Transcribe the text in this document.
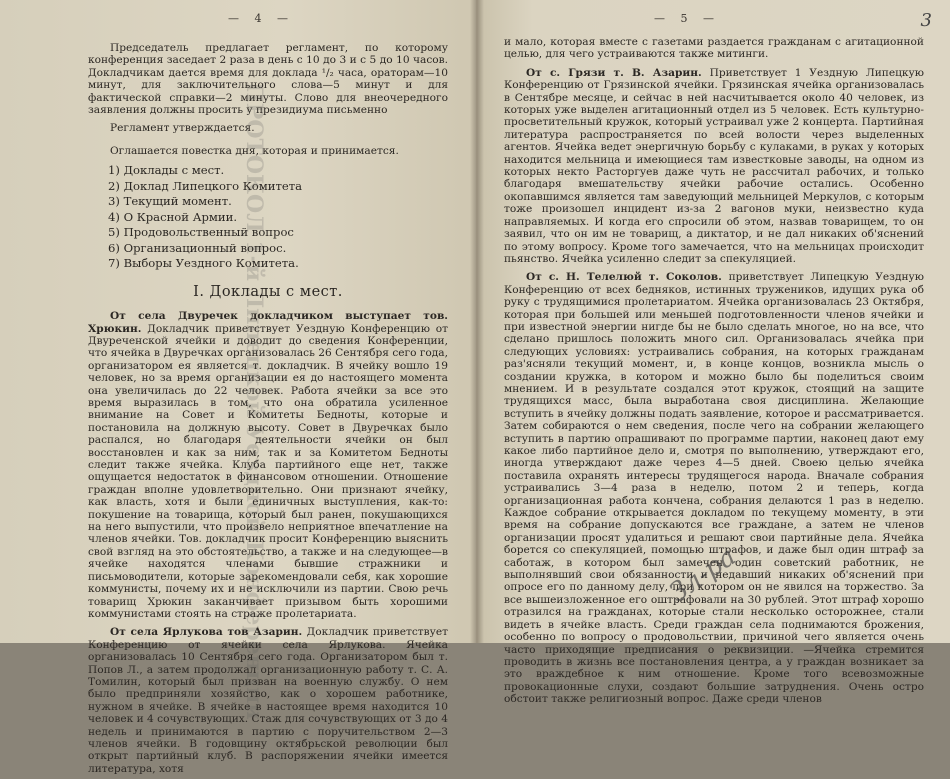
— 4 —
ПРОТОКОЛ 1-й Липецкой Уездной Конференции

Председатель предлагает регламент, по которому конференция заседает 2 раза в день с 10 до 3 и с 5 до 10 часов. Докладчикам дается время для доклада ¹/₂ часа, ораторам—10 минут, для заключительного слова—5 минут и для фактической справки—2 минуты. Слово для внеочередного заявления должны просить у президиума письменно

Регламент утверждается.

Оглашается повестка дня, которая и принимается.

1) Доклады с мест.
2) Доклад Липецкого Комитета
3) Текущий момент.
4) О Красной Армии.
5) Продовольственный вопрос
6) Организационный вопрос.
7) Выборы Уездного Комитета.
I. Доклады с мест.

От села Двуречек докладчиком выступает тов. Хрюкин. Докладчик приветствует Уездную Конференцию от Двуреченской ячейки и доводит до сведения Конференции, что ячейка в Двуречках организовалась 26 Сентября сего года, организатором ея является т. докладчик. В ячейку вошло 19 человек, но за время организации ея до настоящего момента она увеличилась до 22 человек. Работа ячейки за все это время выразилась в том, что она обратила усиленное внимание на Совет и Комитеты Бедноты, которые и постановила на должную высоту. Совет в Двуречках было распался, но благодаря деятельности ячейки он был восстановлен и как за ним, так и за Комитетом Бедноты следит также ячейка. Клуба партийного еще нет, также ощущается недостаток в финансовом отношении. Отношение граждан вполне удовлетворительно. Они признают ячейку, как власть, хотя и были единичных выступления, как-то: покушение на товарища, который был ранен, покушающихся на него выпустили, что произвело неприятное впечатление на членов ячейки. Тов. докладчик просит Конференцию выяснить свой взгляд на это обстоятельство, а также и на следующее—в ячейке находятся членами бывшие стражники и письмоводители, которые зарекомендовали себя, как хорошие коммунисты, почему их и не исключили из партии. Свою речь товарищ Хрюкин заканчивает призывом быть хорошими коммунистами стоять на страже пролетариата.

От села Ярлукова тов Азарин. Докладчик приветствует Конференцию от ячейки села Ярлукова. Ячейка организовалась 10 Сентября сего года. Организатором был т. Попов Л., а затем продолжал организационную работу т. С. А. Томилин, который был призван на военную службу. О нем было предприняли хозяйство, как о хорошем работнике, нужном в ячейке. В ячейке в настоящее время находится 10 человек и 4 сочувствующих. Стаж для сочувствующих от 3 до 4 недель и принимаются в партию с поручительством 2—3 членов ячейки. В годовщину октябрьской революции был открыт партийный клуб. В распоряжении ячейки имеется литература, хотя

— 5 —	3

и мало, которая вместе с газетами раздается гражданам с агитационной целью, для чего устраиваются также митинги.

От с. Грязи т. В. Азарин. Приветствует 1 Уездную Липецкую Конференцию от Грязинской ячейки. Грязинская ячейка организовалась в Сентябре месяце, и сейчас в ней насчитывается около 40 человек, из которых уже выделен агитационный отдел из 5 человек. Есть культурно-просветительный кружок, который устраивал уже 2 концерта. Партийная литература распространяется по всей волости через выделенных агентов. Ячейка ведет энергичную борьбу с кулаками, в руках у которых находится мельница и имеющиеся там известковые заводы, на одном из которых некто Расторгуев даже чуть не рассчитал рабочих, и только благодаря вмешательству ячейки рабочие остались. Особенно окопавшимся является там заведующий мельницей Меркулов, с которым тоже произошел инцидент из-за 2 вагонов муки, неизвестно куда направляемых. И когда его спросили об этом, назвав товарищем, то он заявил, что он им не товарищ, а диктатор, и не дал никаких об'яснений по этому вопросу. Кроме того замечается, что на мельницах происходит пьянство. Ячейка усиленно следит за спекуляцией.

От с. Н. Телелюй т. Соколов. приветствует Липецкую Уездную Конференцию от всех бедняков, истинных тружеников, идущих рука об руку с трудящимися пролетариатом. Ячейка организовалась 23 Октября, которая при большей или меньшей подготовленности членов ячейки и при известной энергии нигде бы не было сделать многое, но на все, что сделано пришлось положить много сил. Организовалась ячейка при следующих условиях: устраивались собрания, на которых гражданам раз'ясняли текущий момент, и, в конце концов, возникла мысль о создании кружка, в котором и можно было бы поделиться своим мнением. И в результате создался этот кружок, стоящий на защите трудящихся масс, была выработана своя дисциплина. Желающие вступить в ячейку должны подать заявление, которое и рассматривается. Затем собираются о нем сведения, после чего на собрании желающего вступить в партию опрашивают по программе партии, наконец дают ему какое либо партийное дело и, смотря по выполнению, утверждают его, иногда утверждают даже через 4—5 дней. Своею целью ячейка поставила охранять интересы трудящегося народа. Вначале собрания устраивались 3—4 раза в неделю, потом 2 и теперь, когда организационная работа кончена, собрания делаются 1 раз в неделю. Каждое собрание открывается докладом по текущему моменту, в эти время на собрание допускаются все граждане, а затем не членов организации просят удалиться и решают свои партийные дела. Ячейка борется со спекуляцией, помощью штрафов, и даже был один штраф за саботаж, в котором был замечен один советский работник, не выполнявший свои обязанности и недавший никаких об'яснений при опросе его по данному делу, при котором он не явился на торжество. За все вышеизложенное его оштрафовали на 30 рублей. Этот штраф хорошо отразился на гражданах, которые стали несколько осторожнее, стали видеть в ячейке власть. Среди граждан села поднимаются брожения, особенно по вопросу о продовольствии, причиной чего является очень часто приходящие предписания о реквизиции. —Ячейка стремится проводить в жизнь все постановления центра, а у граждан возникает за это враждебное к ним отношение. Кроме того всевозможные провокационные слухи, создают большие затруднения. Очень остро обстоит также религиозный вопрос. Даже среди членов

Зл-ра
